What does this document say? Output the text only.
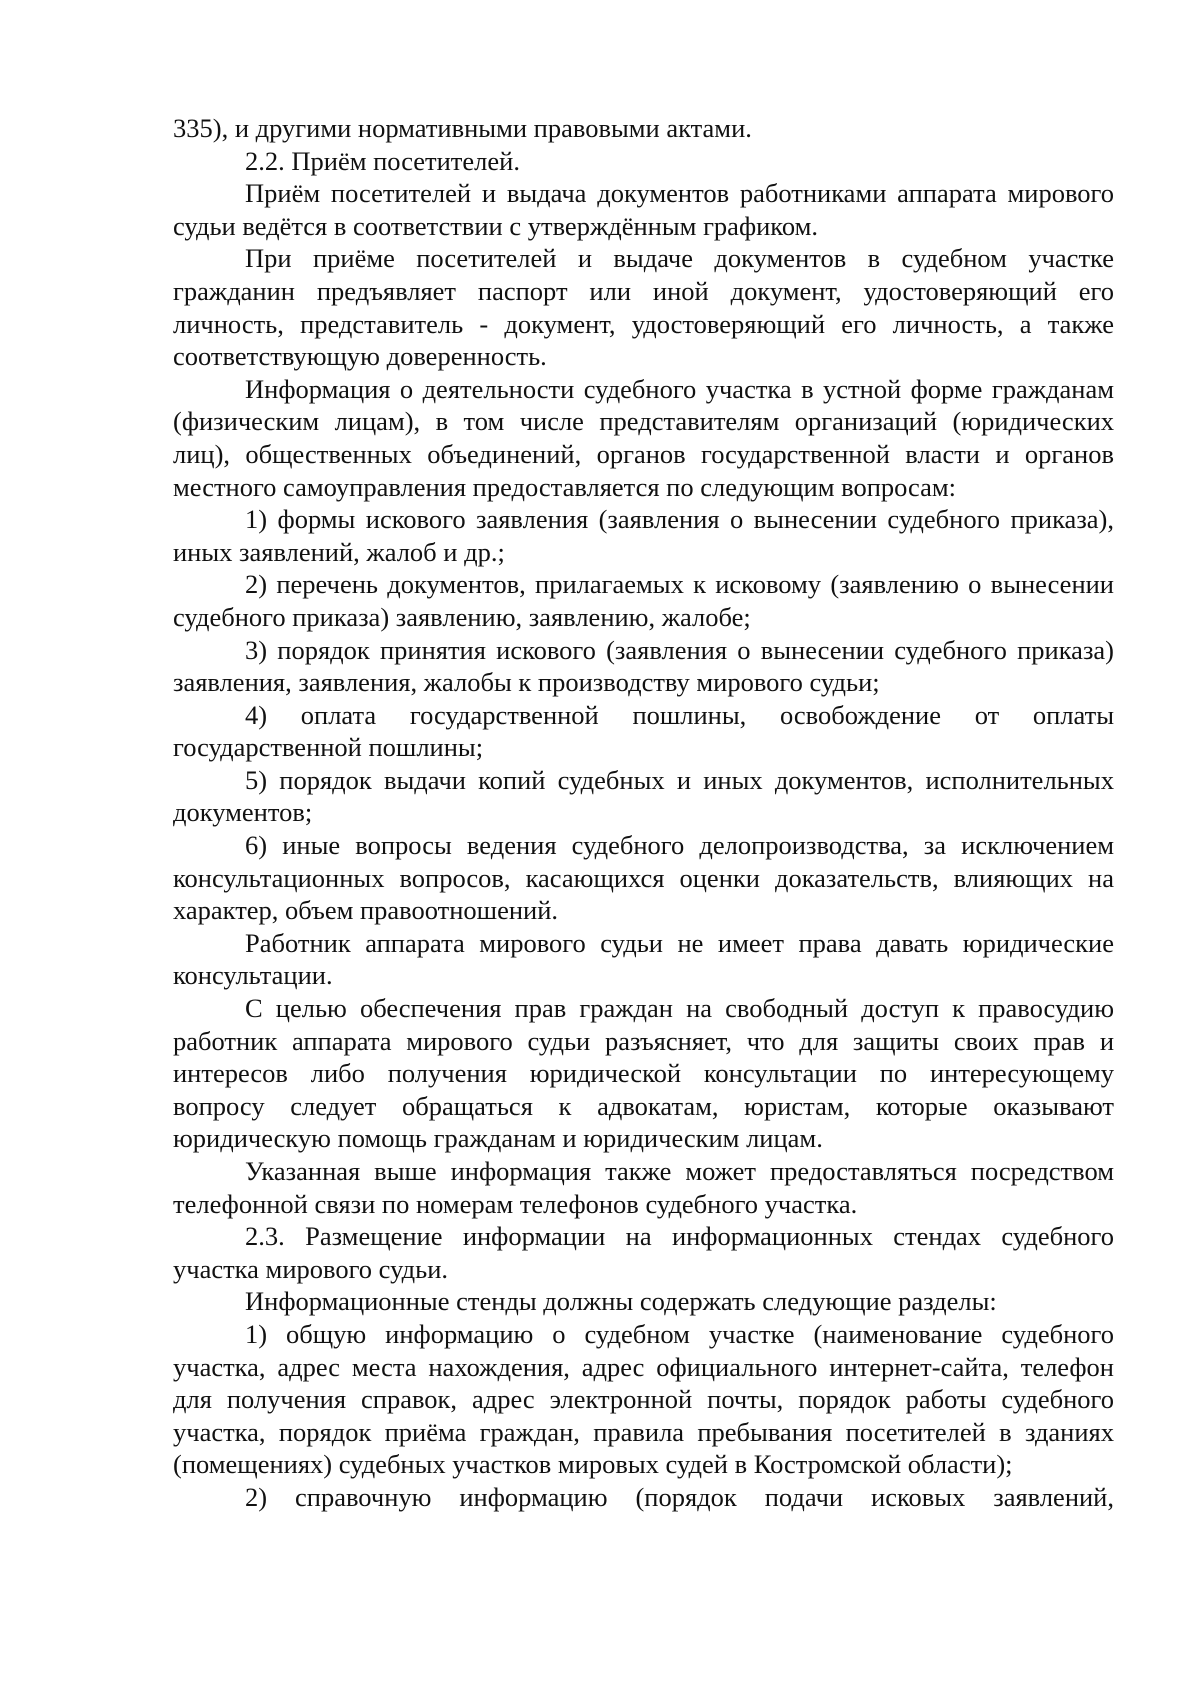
335), и другими нормативными правовыми актами.

2.2. Приём посетителей.

Приём посетителей и выдача документов работниками аппарата мирового судьи ведётся в соответствии с утверждённым графиком.

При приёме посетителей и выдаче документов в судебном участке гражданин предъявляет паспорт или иной документ, удостоверяющий его личность, представитель - документ, удостоверяющий его личность, а также соответствующую доверенность.

Информация о деятельности судебного участка в устной форме гражданам (физическим лицам), в том числе представителям организаций (юридических лиц), общественных объединений, органов государственной власти и органов местного самоуправления предоставляется по следующим вопросам:

1) формы искового заявления (заявления о вынесении судебного приказа), иных заявлений, жалоб и др.;

2) перечень документов, прилагаемых к исковому (заявлению о вынесении судебного приказа) заявлению, заявлению, жалобе;

3) порядок принятия искового (заявления о вынесении судебного приказа) заявления, заявления, жалобы к производству мирового судьи;

4) оплата государственной пошлины, освобождение от оплаты государственной пошлины;

5) порядок выдачи копий судебных и иных документов, исполнительных документов;

6) иные вопросы ведения судебного делопроизводства, за исключением консультационных вопросов, касающихся оценки доказательств, влияющих на характер, объем правоотношений.

Работник аппарата мирового судьи не имеет права давать юридические консультации.

С целью обеспечения прав граждан на свободный доступ к правосудию работник аппарата мирового судьи разъясняет, что для защиты своих прав и интересов либо получения юридической консультации по интересующему вопросу следует обращаться к адвокатам, юристам, которые оказывают юридическую помощь гражданам и юридическим лицам.

Указанная выше информация также может предоставляться посредством телефонной связи по номерам телефонов судебного участка.

2.3. Размещение информации на информационных стендах судебного участка мирового судьи.

Информационные стенды должны содержать следующие разделы:

1) общую информацию о судебном участке (наименование судебного участка, адрес места нахождения, адрес официального интернет-сайта, телефон для получения справок, адрес электронной почты, порядок работы судебного участка, порядок приёма граждан, правила пребывания посетителей в зданиях (помещениях) судебных участков мировых судей в Костромской области);

2) справочную информацию (порядок подачи исковых заявлений,
